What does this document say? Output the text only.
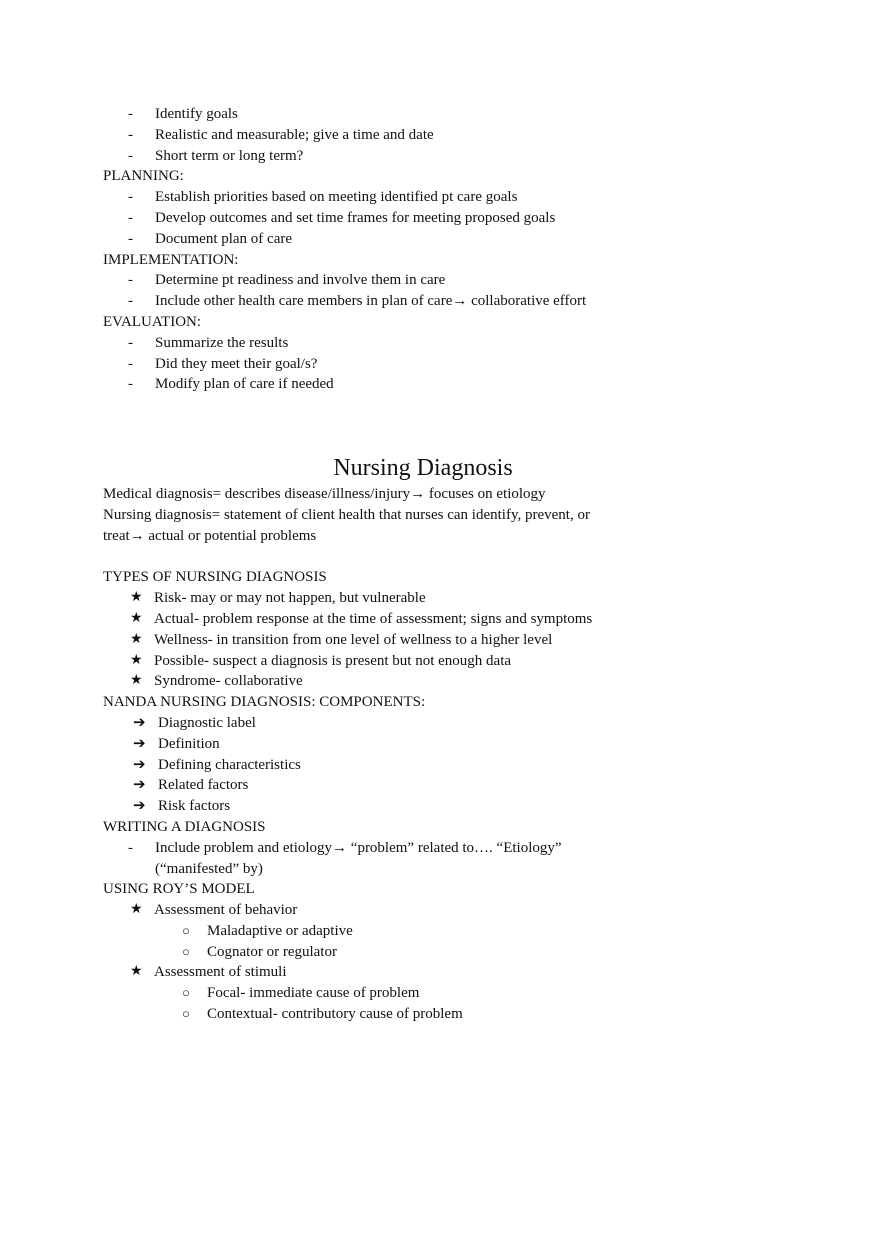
- Identify goals
- Realistic and measurable; give a time and date
- Short term or long term?
PLANNING:
- Establish priorities based on meeting identified pt care goals
- Develop outcomes and set time frames for meeting proposed goals
- Document plan of care
IMPLEMENTATION:
- Determine pt readiness and involve them in care
- Include other health care members in plan of care→ collaborative effort
EVALUATION:
- Summarize the results
- Did they meet their goal/s?
- Modify plan of care if needed
Nursing Diagnosis
Medical diagnosis= describes disease/illness/injury→ focuses on etiology
Nursing diagnosis= statement of client health that nurses can identify, prevent, or
treat→ actual or potential problems
TYPES OF NURSING DIAGNOSIS
★ Risk- may or may not happen, but vulnerable
★ Actual- problem response at the time of assessment; signs and symptoms
★ Wellness- in transition from one level of wellness to a higher level
★ Possible- suspect a diagnosis is present but not enough data
★ Syndrome- collaborative
NANDA NURSING DIAGNOSIS: COMPONENTS:
➔ Diagnostic label
➔ Definition
➔ Defining characteristics
➔ Related factors
➔ Risk factors
WRITING A DIAGNOSIS
- Include problem and etiology→ “problem” related to…. “Etiology”
(“manifested” by)
USING ROY’S MODEL
★ Assessment of behavior
○ Maladaptive or adaptive
○ Cognator or regulator
★ Assessment of stimuli
○ Focal- immediate cause of problem
○ Contextual- contributory cause of problem
